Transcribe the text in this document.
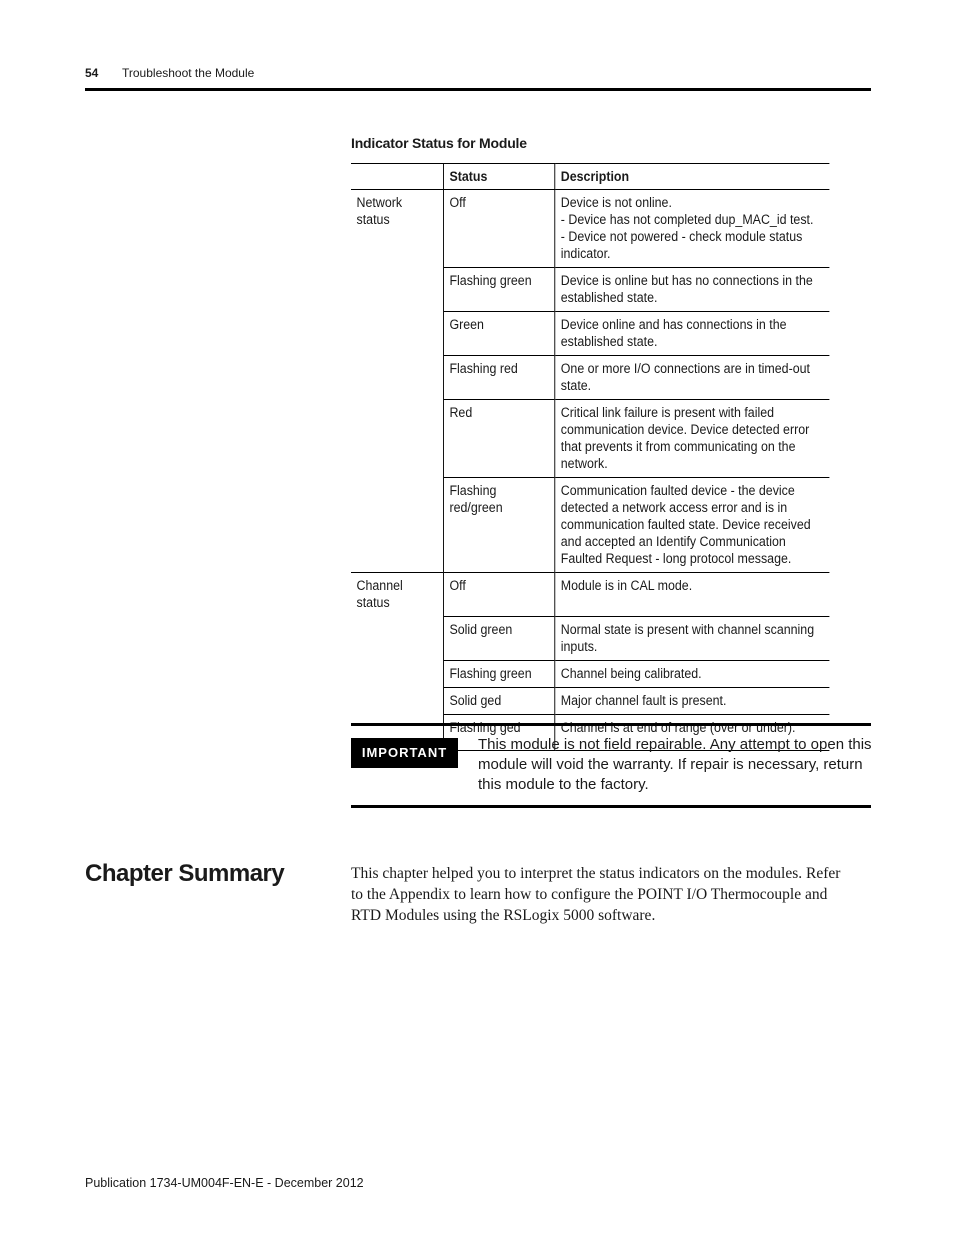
54 Troubleshoot the Module
Indicator Status for Module
	Status	Description
Network status	Off	Device is not online.
- Device has not completed dup_MAC_id test.
- Device not powered - check module status indicator.
	Flashing green	Device is online but has no connections in the established state.
	Green	Device online and has connections in the established state.
	Flashing red	One or more I/O connections are in timed-out state.
	Red	Critical link failure is present with failed communication device. Device detected error that prevents it from communicating on the network.
	Flashing red/green	Communication faulted device - the device detected a network access error and is in communication faulted state. Device received and accepted an Identify Communication Faulted Request - long protocol message.
Channel status	Off	Module is in CAL mode.
	Solid green	Normal state is present with channel scanning inputs.
	Flashing green	Channel being calibrated.
	Solid ged	Major channel fault is present.
	Flashing ged	Channel is at end of range (over or under).
IMPORTANT	This module is not field repairable. Any attempt to open this module will void the warranty. If repair is necessary, return this module to the factory.
Chapter Summary	This chapter helped you to interpret the status indicators on the modules. Refer to the Appendix to learn how to configure the POINT I/O Thermocouple and RTD Modules using the RSLogix 5000 software.
Publication 1734-UM004F-EN-E - December 2012
